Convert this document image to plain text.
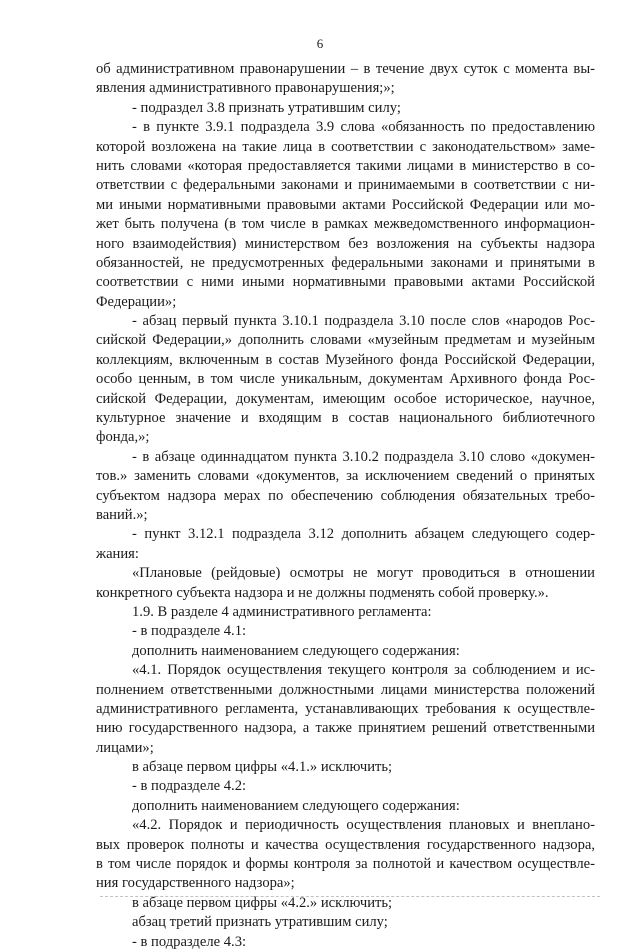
6
об административном правонарушении – в течение двух суток с момента вы-
явления административного правонарушения;»;
- подраздел 3.8 признать утратившим силу;
- в пункте 3.9.1 подраздела 3.9 слова «обязанность по предоставлению
которой возложена на такие лица в соответствии с законодательством» заме-
нить словами «которая предоставляется такими лицами в министерство в со-
ответствии с федеральными законами и принимаемыми в соответствии с ни-
ми иными нормативными правовыми актами Российской Федерации или мо-
жет быть получена (в том числе в рамках межведомственного информацион-
ного взаимодействия) министерством без возложения на субъекты надзора
обязанностей, не предусмотренных федеральными законами и принятыми в
соответствии с ними иными нормативными правовыми актами Российской
Федерации»;
- абзац первый пункта 3.10.1 подраздела 3.10 после слов «народов Рос-
сийской Федерации,» дополнить словами «музейным предметам и музейным
коллекциям, включенным в состав Музейного фонда Российской Федерации,
особо ценным, в том числе уникальным, документам Архивного фонда Рос-
сийской Федерации, документам, имеющим особое историческое, научное,
культурное значение и входящим в состав национального библиотечного
фонда,»;
- в абзаце одиннадцатом пункта 3.10.2 подраздела 3.10 слово «докумен-
тов.» заменить словами «документов, за исключением сведений о принятых
субъектом надзора мерах по обеспечению соблюдения обязательных требо-
ваний.»;
- пункт 3.12.1 подраздела 3.12 дополнить абзацем следующего содер-
жания:
«Плановые (рейдовые) осмотры не могут проводиться в отношении
конкретного субъекта надзора и не должны подменять собой проверку.».
1.9. В разделе 4 административного регламента:
- в подразделе 4.1:
дополнить наименованием следующего содержания:
«4.1. Порядок осуществления текущего контроля за соблюдением и ис-
полнением ответственными должностными лицами министерства положений
административного регламента, устанавливающих требования к осуществле-
нию государственного надзора, а также принятием решений ответственными
лицами»;
в абзаце первом цифры «4.1.» исключить;
- в подразделе 4.2:
дополнить наименованием следующего содержания:
«4.2. Порядок и периодичность осуществления плановых и внеплано-
вых проверок полноты и качества осуществления государственного надзора,
в том числе порядок и формы контроля за полнотой и качеством осуществле-
ния государственного надзора»;
в абзаце первом цифры «4.2.» исключить;
абзац третий признать утратившим силу;
- в подразделе 4.3:
